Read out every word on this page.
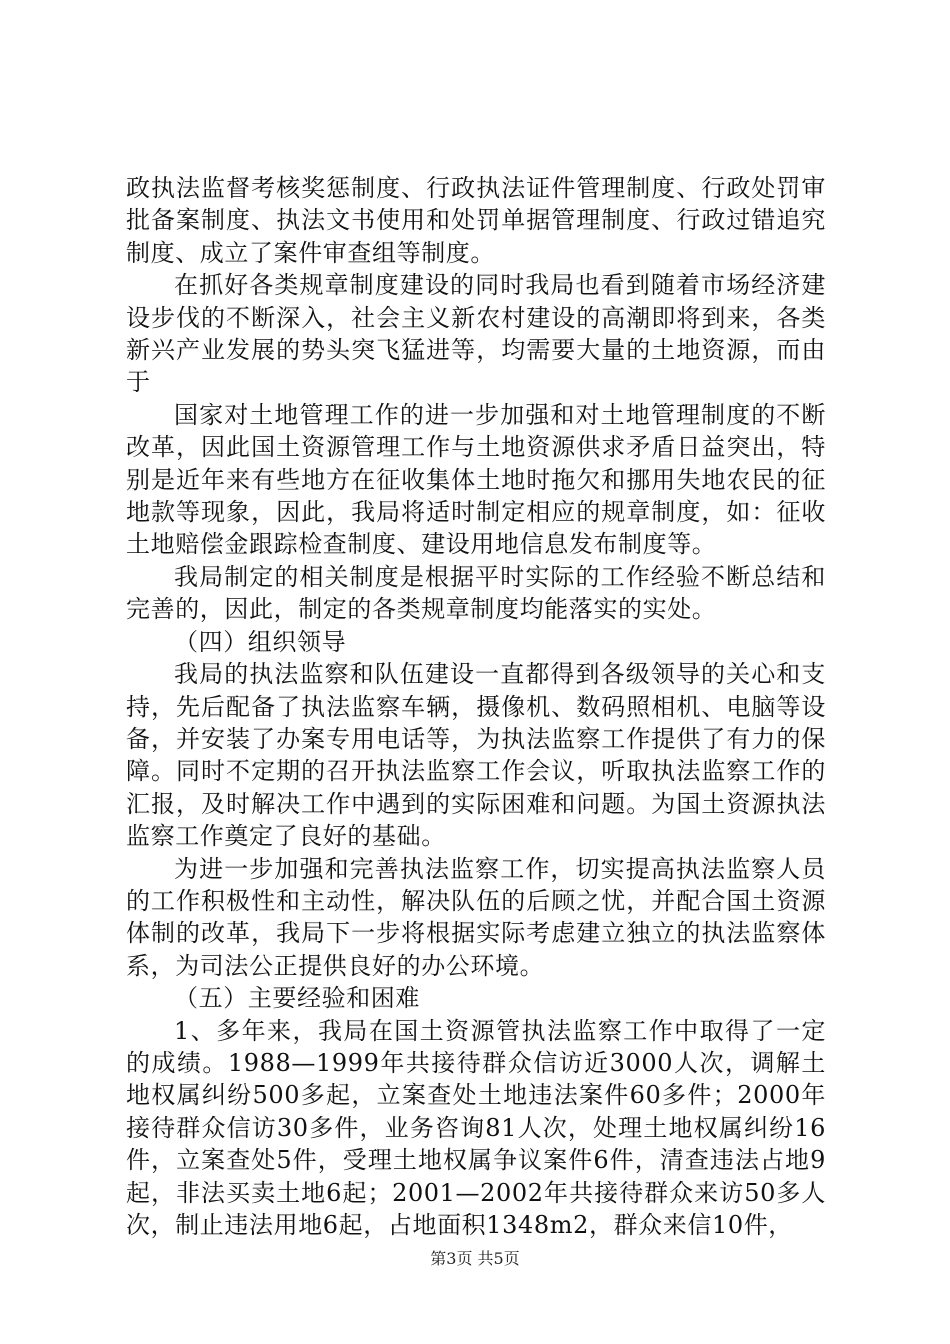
政执法监督考核奖惩制度、行政执法证件管理制度、行政处罚审批备案制度、执法文书使用和处罚单据管理制度、行政过错追究制度、成立了案件审查组等制度。

在抓好各类规章制度建设的同时我局也看到随着市场经济建设步伐的不断深入，社会主义新农村建设的高潮即将到来，各类新兴产业发展的势头突飞猛进等，均需要大量的土地资源，而由于

国家对土地管理工作的进一步加强和对土地管理制度的不断改革，因此国土资源管理工作与土地资源供求矛盾日益突出，特别是近年来有些地方在征收集体土地时拖欠和挪用失地农民的征地款等现象，因此，我局将适时制定相应的规章制度，如：征收土地赔偿金跟踪检查制度、建设用地信息发布制度等。

我局制定的相关制度是根据平时实际的工作经验不断总结和完善的，因此，制定的各类规章制度均能落实的实处。

（四）组织领导

我局的执法监察和队伍建设一直都得到各级领导的关心和支持，先后配备了执法监察车辆，摄像机、数码照相机、电脑等设备，并安装了办案专用电话等，为执法监察工作提供了有力的保障。同时不定期的召开执法监察工作会议，听取执法监察工作的汇报，及时解决工作中遇到的实际困难和问题。为国土资源执法监察工作奠定了良好的基础。

为进一步加强和完善执法监察工作，切实提高执法监察人员的工作积极性和主动性，解决队伍的后顾之忧，并配合国土资源体制的改革，我局下一步将根据实际考虑建立独立的执法监察体系，为司法公正提供良好的办公环境。

（五）主要经验和困难

1、多年来，我局在国土资源管执法监察工作中取得了一定的成绩。1988—1999年共接待群众信访近3000人次，调解土地权属纠纷500多起，立案查处土地违法案件60多件；2000年接待群众信访30多件，业务咨询81人次，处理土地权属纠纷16件，立案查处5件，受理土地权属争议案件6件，清查违法占地9起，非法买卖土地6起；2001—2002年共接待群众来访50多人次，制止违法用地6起，占地面积1348m2，群众来信10件，

第3页 共5页
